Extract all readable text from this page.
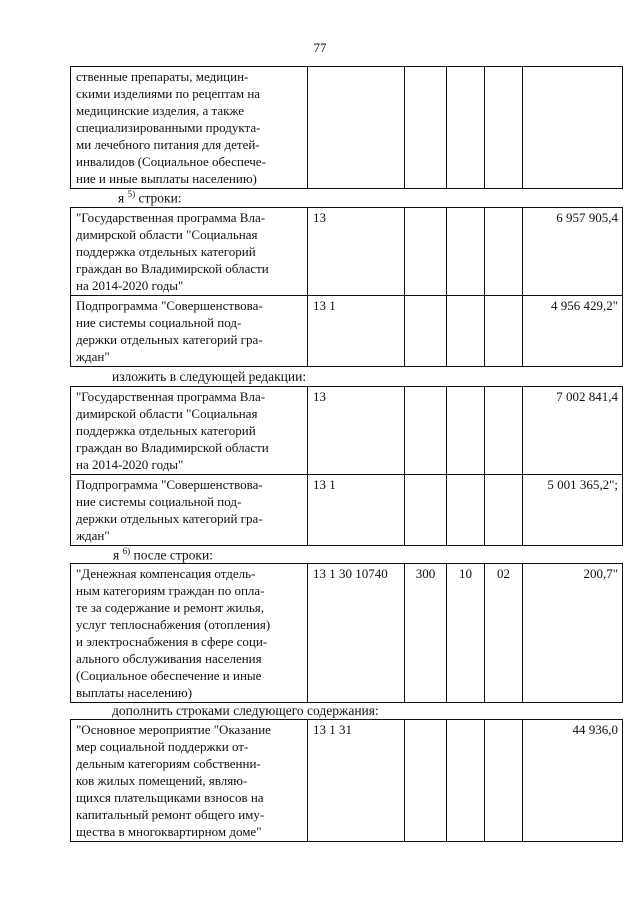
77
ственные препараты, медицин-
скими изделиями по рецептам на
медицинские изделия, а также
специализированными продукта-
ми лечебного питания для детей-
инвалидов (Социальное обеспече-
ние и иные выплаты населению)					
я $^{5)}$ строки:
"Государственная программа Вла-
димирской области "Социальная
поддержка отдельных категорий
граждан во Владимирской области
на 2014-2020 годы"	13				6 957 905,4
Подпрограмма "Совершенствова-
ние системы социальной под-
держки отдельных категорий гра-
ждан"	13 1				4 956 429,2"
изложить в следующей редакции:
"Государственная программа Вла-
димирской области "Социальная
поддержка отдельных категорий
граждан во Владимирской области
на 2014-2020 годы"	13				7 002 841,4
Подпрограмма "Совершенствова-
ние системы социальной под-
держки отдельных категорий гра-
ждан"	13 1				5 001 365,2";
я $^{6)}$ после строки:
"Денежная компенсация отдель-
ным категориям граждан по опла-
те за содержание и ремонт жилья,
услуг теплоснабжения (отопления)
и электроснабжения в сфере соци-
ального обслуживания населения
(Социальное обеспечение и иные
выплаты населению)	13 1 30 10740	300	10	02	200,7"
дополнить строками следующего содержания:
"Основное мероприятие "Оказание
мер социальной поддержки от-
дельным категориям собственни-
ков жилых помещений, являю-
щихся плательщиками взносов на
капитальный ремонт общего иму-
щества в многоквартирном доме"	13 1 31				44 936,0
